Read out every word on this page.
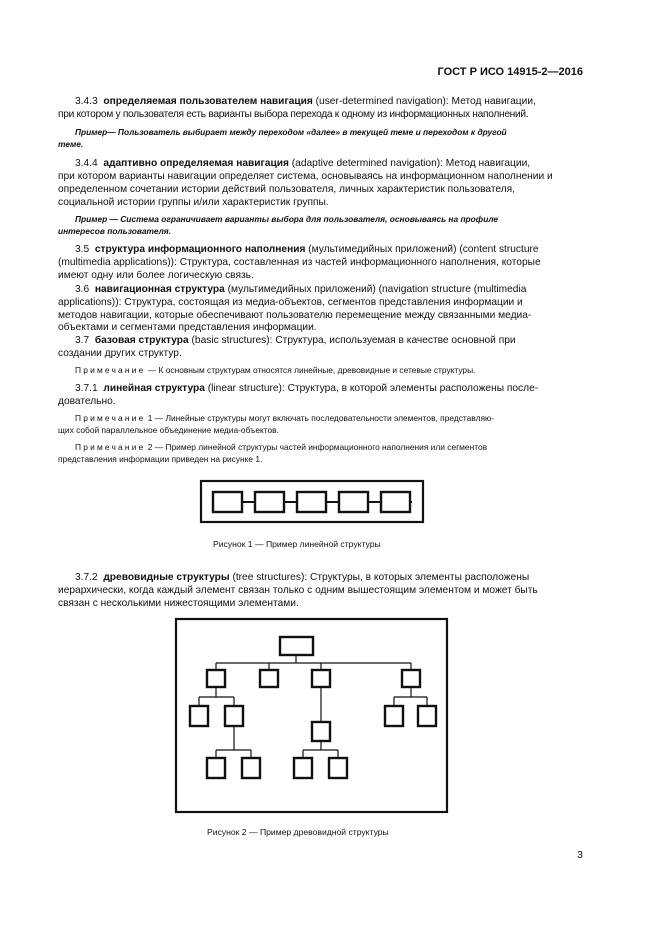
ГОСТ Р ИСО 14915-2—2016
3.4.3 определяемая пользователем навигация (user-determined navigation): Метод навигации,
при котором у пользователя есть варианты выбора перехода к одному из информационных наполнений.
Пример— Пользователь выбирает между переходом «далее» в текущей теме и переходом к другой
теме.
3.4.4 адаптивно определяемая навигация (adaptive determined navigation): Метод навигации,
при котором варианты навигации определяет система, основываясь на информационном наполнении и
определенном сочетании истории действий пользователя, личных характеристик пользователя,
социальной истории группы и/или характеристик группы.
Пример — Система ограничивает варианты выбора для пользователя, основываясь на профиле
интересов пользователя.
3.5 структура информационного наполнения (мультимедийных приложений) (content structure
(multimedia applications)): Структура, составленная из частей информационного наполнения, которые
имеют одну или более логическую связь.
3.6 навигационная структура (мультимедийных приложений) (navigation structure (multimedia
applications)): Структура, состоящая из медиа-объектов, сегментов представления информации и
методов навигации, которые обеспечивают пользователю перемещение между связанными медиа-
объектами и сегментами представления информации.
3.7 базовая структура (basic structures): Структура, используемая в качестве основной при
создании других структур.
Примечание — К основным структурам относятся линейные, древовидные и сетевые структуры.
3.7.1 линейная структура (linear structure): Структура, в которой элементы расположены после-
довательно.
Примечание 1 — Линейные структуры могут включать последовательности элементов, представляю-
щих собой параллельное объединение медиа-объектов.
Примечание 2 — Пример линейной структуры частей информационного наполнения или сегментов
представления информации приведен на рисунке 1.
Рисунок 1 — Пример линейной структуры
3.7.2 древовидные структуры (tree structures): Структуры, в которых элементы расположены
иерархически, когда каждый элемент связан только с одним вышестоящим элементом и может быть
связан с несколькими нижестоящими элементами.
Рисунок 2 — Пример древовидной структуры
3
